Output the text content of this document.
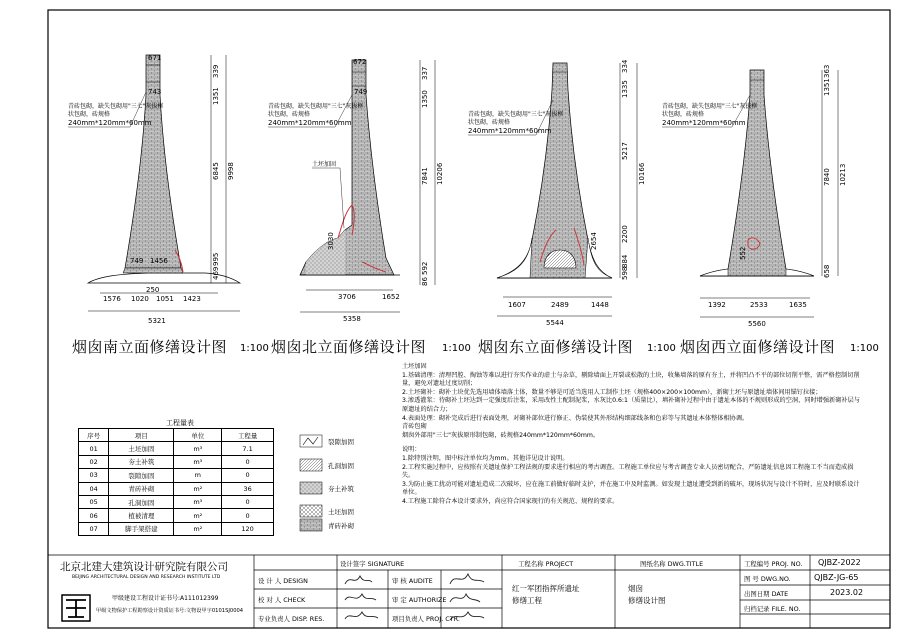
671
743	1351
339
6845
995
469
9998
749 1456
1576 1020 1051 1423
250
5321
672
749	1350
337
7841
592
86
10206
3030
3706	1652
5358
1335
334
5217
2200
884
598
10166
2654
1607	2489	1448
5544
1351
363
7840
658
10213
552
1392	2533	1635
5560
青砖包砌，缺失包砌用"三七"灰拔框
状包砌，砖规格
240mm*120mm*60mm
青砖包砌，缺失包砌用"三七"灰拔框
状包砌，砖规格
240mm*120mm*60mm
土坯加固
青砖包砌，缺失包砌用"三七"灰拔框
状包砌，砖规格
240mm*120mm*60mm
青砖包砌，缺失包砌用"三七"灰拔框
状包砌，砖规格
240mm*120mm*60mm
烟囱南立面修缮设计图 1:100 烟囱北立面修缮设计图 1:100 烟囱东立面修缮设计图 1:100 烟囱西立面修缮设计图 1:100
工程量表
序号	项目	单位	工程量
01	土坯加固	m³	7.1
02	夯土补筑	m³	0
03	裂隙加固	m	0
04	青砖补砌	m²	36
05	孔洞加固	m³	0
06	植被清理	m²	0
07	脚手架搭建	m²	120
裂隙加固
孔洞加固
夯土补筑
土坯加固
青砖补砌
土坯加固
1.基础清理：清理凹腔、掏蚀等难以进行夯实作业的虚土与杂草，剔除墙面上开裂或松散的土块，收集墙落的原有夯土，并将凹凸不平的部位切削平整，需严格控制切削量，避免对遗址过度切削；
2.土坯砌补：砌补土块优先选用墙体墙落土体，数量不够是可适当选用人工制作土坯（规格400×200×100mm），新砌土坯与原遗址墙体间用锚钉拉接；
3.渗透灌浆：待砌补土坯达到一定强度后注浆，采用改性土配制泥浆，水灰比0.6:1（质量比），填补砌补过程中由于遗址本体的不规则形成的空洞，同时增强新砌补层与原遗址的结合力；
4.表面处理：砌补完成后进行表面处理，对砌补部位进行修正、伪装使其外形结构细部线条和色彩等与其遗址本体整体相协调。
青砖包砌
烟囱外部用"三七"灰拔原形制包砌，砖规格240mm*120mm*60mm。
说明：
1.除特别注明，图中标注单位均为mm。其他详见设计说明。
2.工程实施过程中，应按照有关遗址保护工程法规的要求进行相应的考古调查。工程施工单位应与考古调查专业人员密切配合，严防遗址信息因工程施工不当而造成损失。
3.为防止施工扰动可能对遗址造成二次破坏，应在施工前做好临时支护，并在施工中及时监测。如发现土遗址遭受到新的破坏，现场状况与设计不符时，应及时联系设计单位。
4.工程施工除符合本设计要求外，尚应符合国家现行的有关规范、规程的要求。
北京北建大建筑设计研究院有限公司
BEIJING ARCHITECTURAL DESIGN AND RESEARCH INSTITUTE LTD
甲级建设工程设计证书号:A111012399
甲级文物保护工程勘察设计资质证书号:文物设甲字0101SJ0004
设计签字 SIGNATURE
设 计 人 DESIGN
校 对 人 CHECK
专业负责人 DISP. RES.
审 核 AUDITE
审 定 AUTHORIZE
项目负责人 PROJ. CTR.
工程名称 PROJECT
红一军团指挥所遗址
修缮工程
图纸名称 DWG.TITLE
烟囱
修缮设计图
工程编号 PROJ. NO. QJBZ-2022
图 号 DWG.NO.	QJBZ-JG-65
出图日期 DATE	2023.02
归档记录 FILE. NO.
